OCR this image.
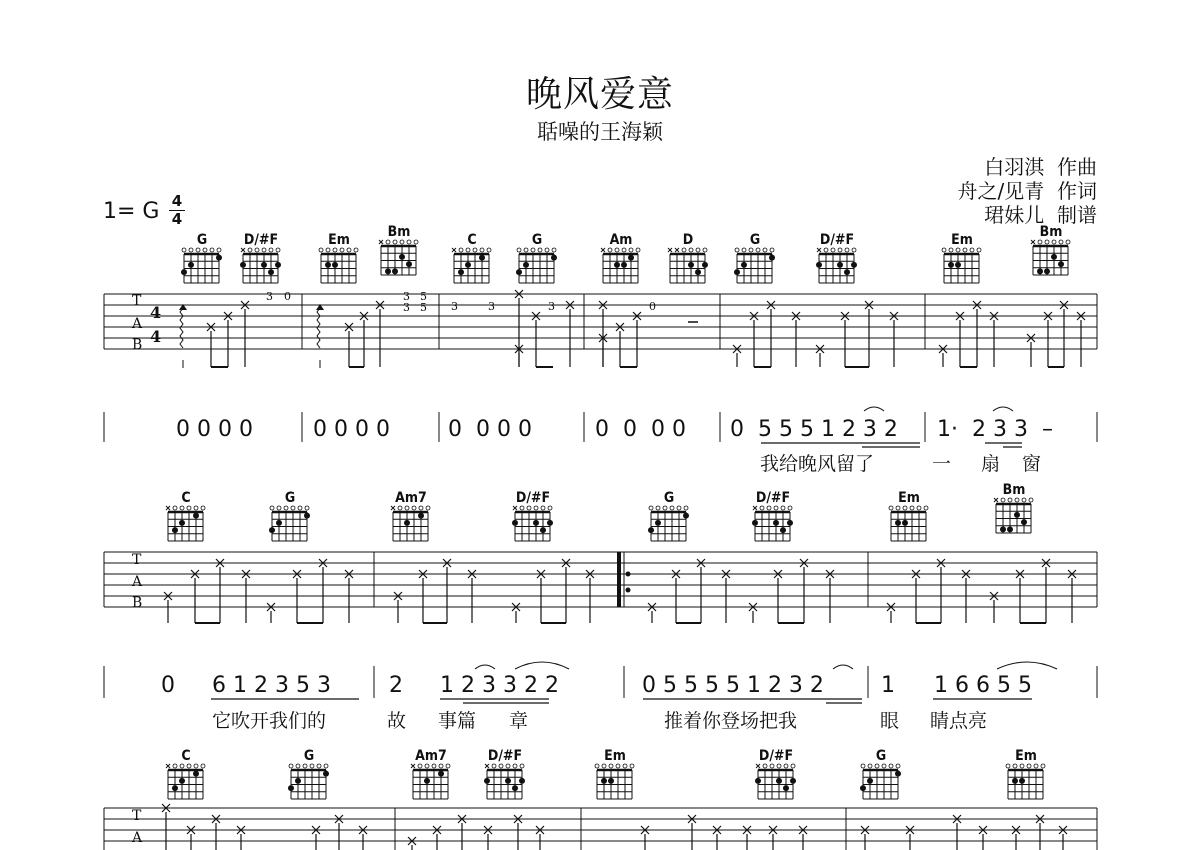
晚风爱意
聒噪的王海颖
白羽淇  作曲
舟之/见青  作词
珺妹儿  制谱
1= G 4
4
G	D/#F	Em	Bm	C	G	Am	D	G	D/#F	Em	Bm
C	G	Am7	D/#F	G	D/#F	Em	Bm
C	G	Am7	D/#F	Em	D/#F	G	Em
T
A
B
T
A
B
T
A
4
4
3 0	3 5
3 5 3	3	3	0
0 0 0 0	0 0 0 0	0  0 0 0	0  0  0 0 0  5 5 5 1 2 3 2 1·  2 3 3  –
我给晚风留了	一 扇 窗
0 6 1 2 3 5 3	2 1 2 3 3 2 2	0 5 5 5 5 1 2 3 2	1 1 6 6 5 5
它吹开我们的	故 事篇 章	推着你登场把我	眼 睛点亮
